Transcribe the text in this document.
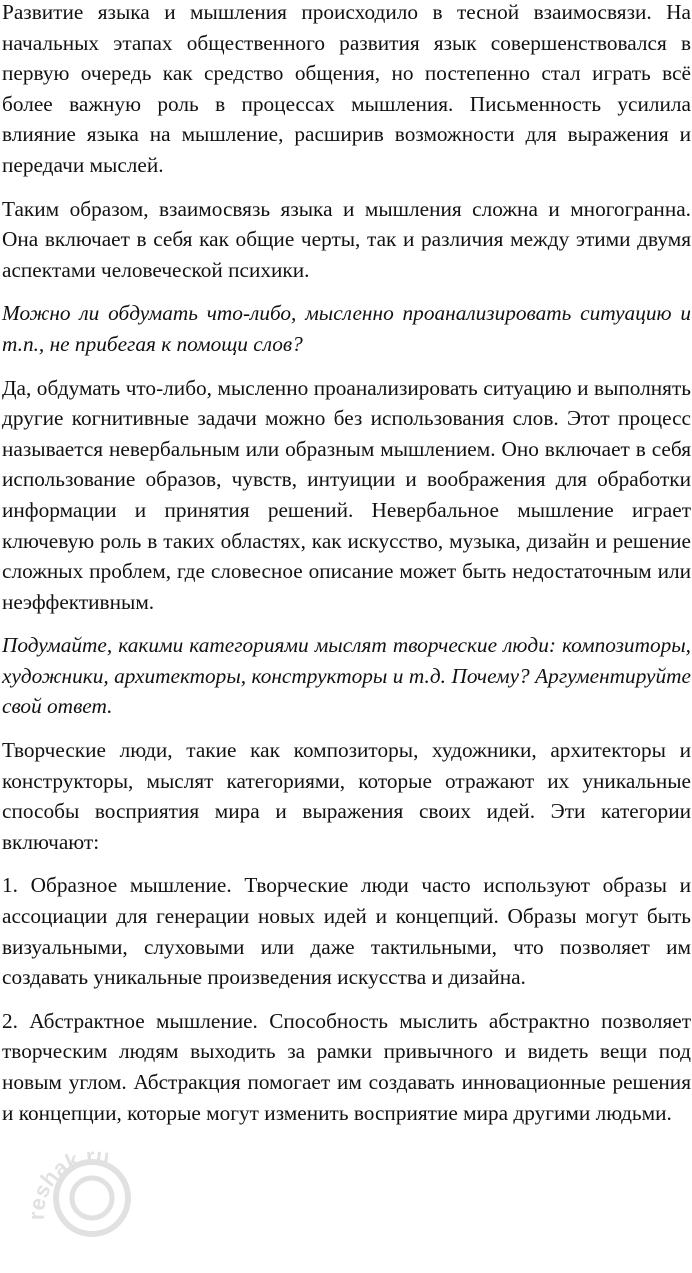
Развитие языка и мышления происходило в тесной взаимосвязи. На начальных этапах общественного развития язык совершенствовался в первую очередь как средство общения, но постепенно стал играть всё более важную роль в процессах мышления. Письменность усилила влияние языка на мышление, расширив возможности для выражения и передачи мыслей.

Таким образом, взаимосвязь языка и мышления сложна и многогранна. Она включает в себя как общие черты, так и различия между этими двумя аспектами человеческой психики.

Можно ли обдумать что-либо, мысленно проанализировать ситуацию и т.п., не прибегая к помощи слов?

Да, обдумать что-либо, мысленно проанализировать ситуацию и выполнять другие когнитивные задачи можно без использования слов. Этот процесс называется невербальным или образным мышлением. Оно включает в себя использование образов, чувств, интуиции и воображения для обработки информации и принятия решений. Невербальное мышление играет ключевую роль в таких областях, как искусство, музыка, дизайн и решение сложных проблем, где словесное описание может быть недостаточным или неэффективным.

Подумайте, какими категориями мыслят творческие люди: композиторы, художники, архитекторы, конструкторы и т.д. Почему? Аргументируйте свой ответ.

Творческие люди, такие как композиторы, художники, архитекторы и конструкторы, мыслят категориями, которые отражают их уникальные способы восприятия мира и выражения своих идей. Эти категории включают:

1. Образное мышление. Творческие люди часто используют образы и ассоциации для генерации новых идей и концепций. Образы могут быть визуальными, слуховыми или даже тактильными, что позволяет им создавать уникальные произведения искусства и дизайна.

2. Абстрактное мышление. Способность мыслить абстрактно позволяет творческим людям выходить за рамки привычного и видеть вещи под новым углом. Абстракция помогает им создавать инновационные решения и концепции, которые могут изменить восприятие мира другими людьми.

reshak.ru
